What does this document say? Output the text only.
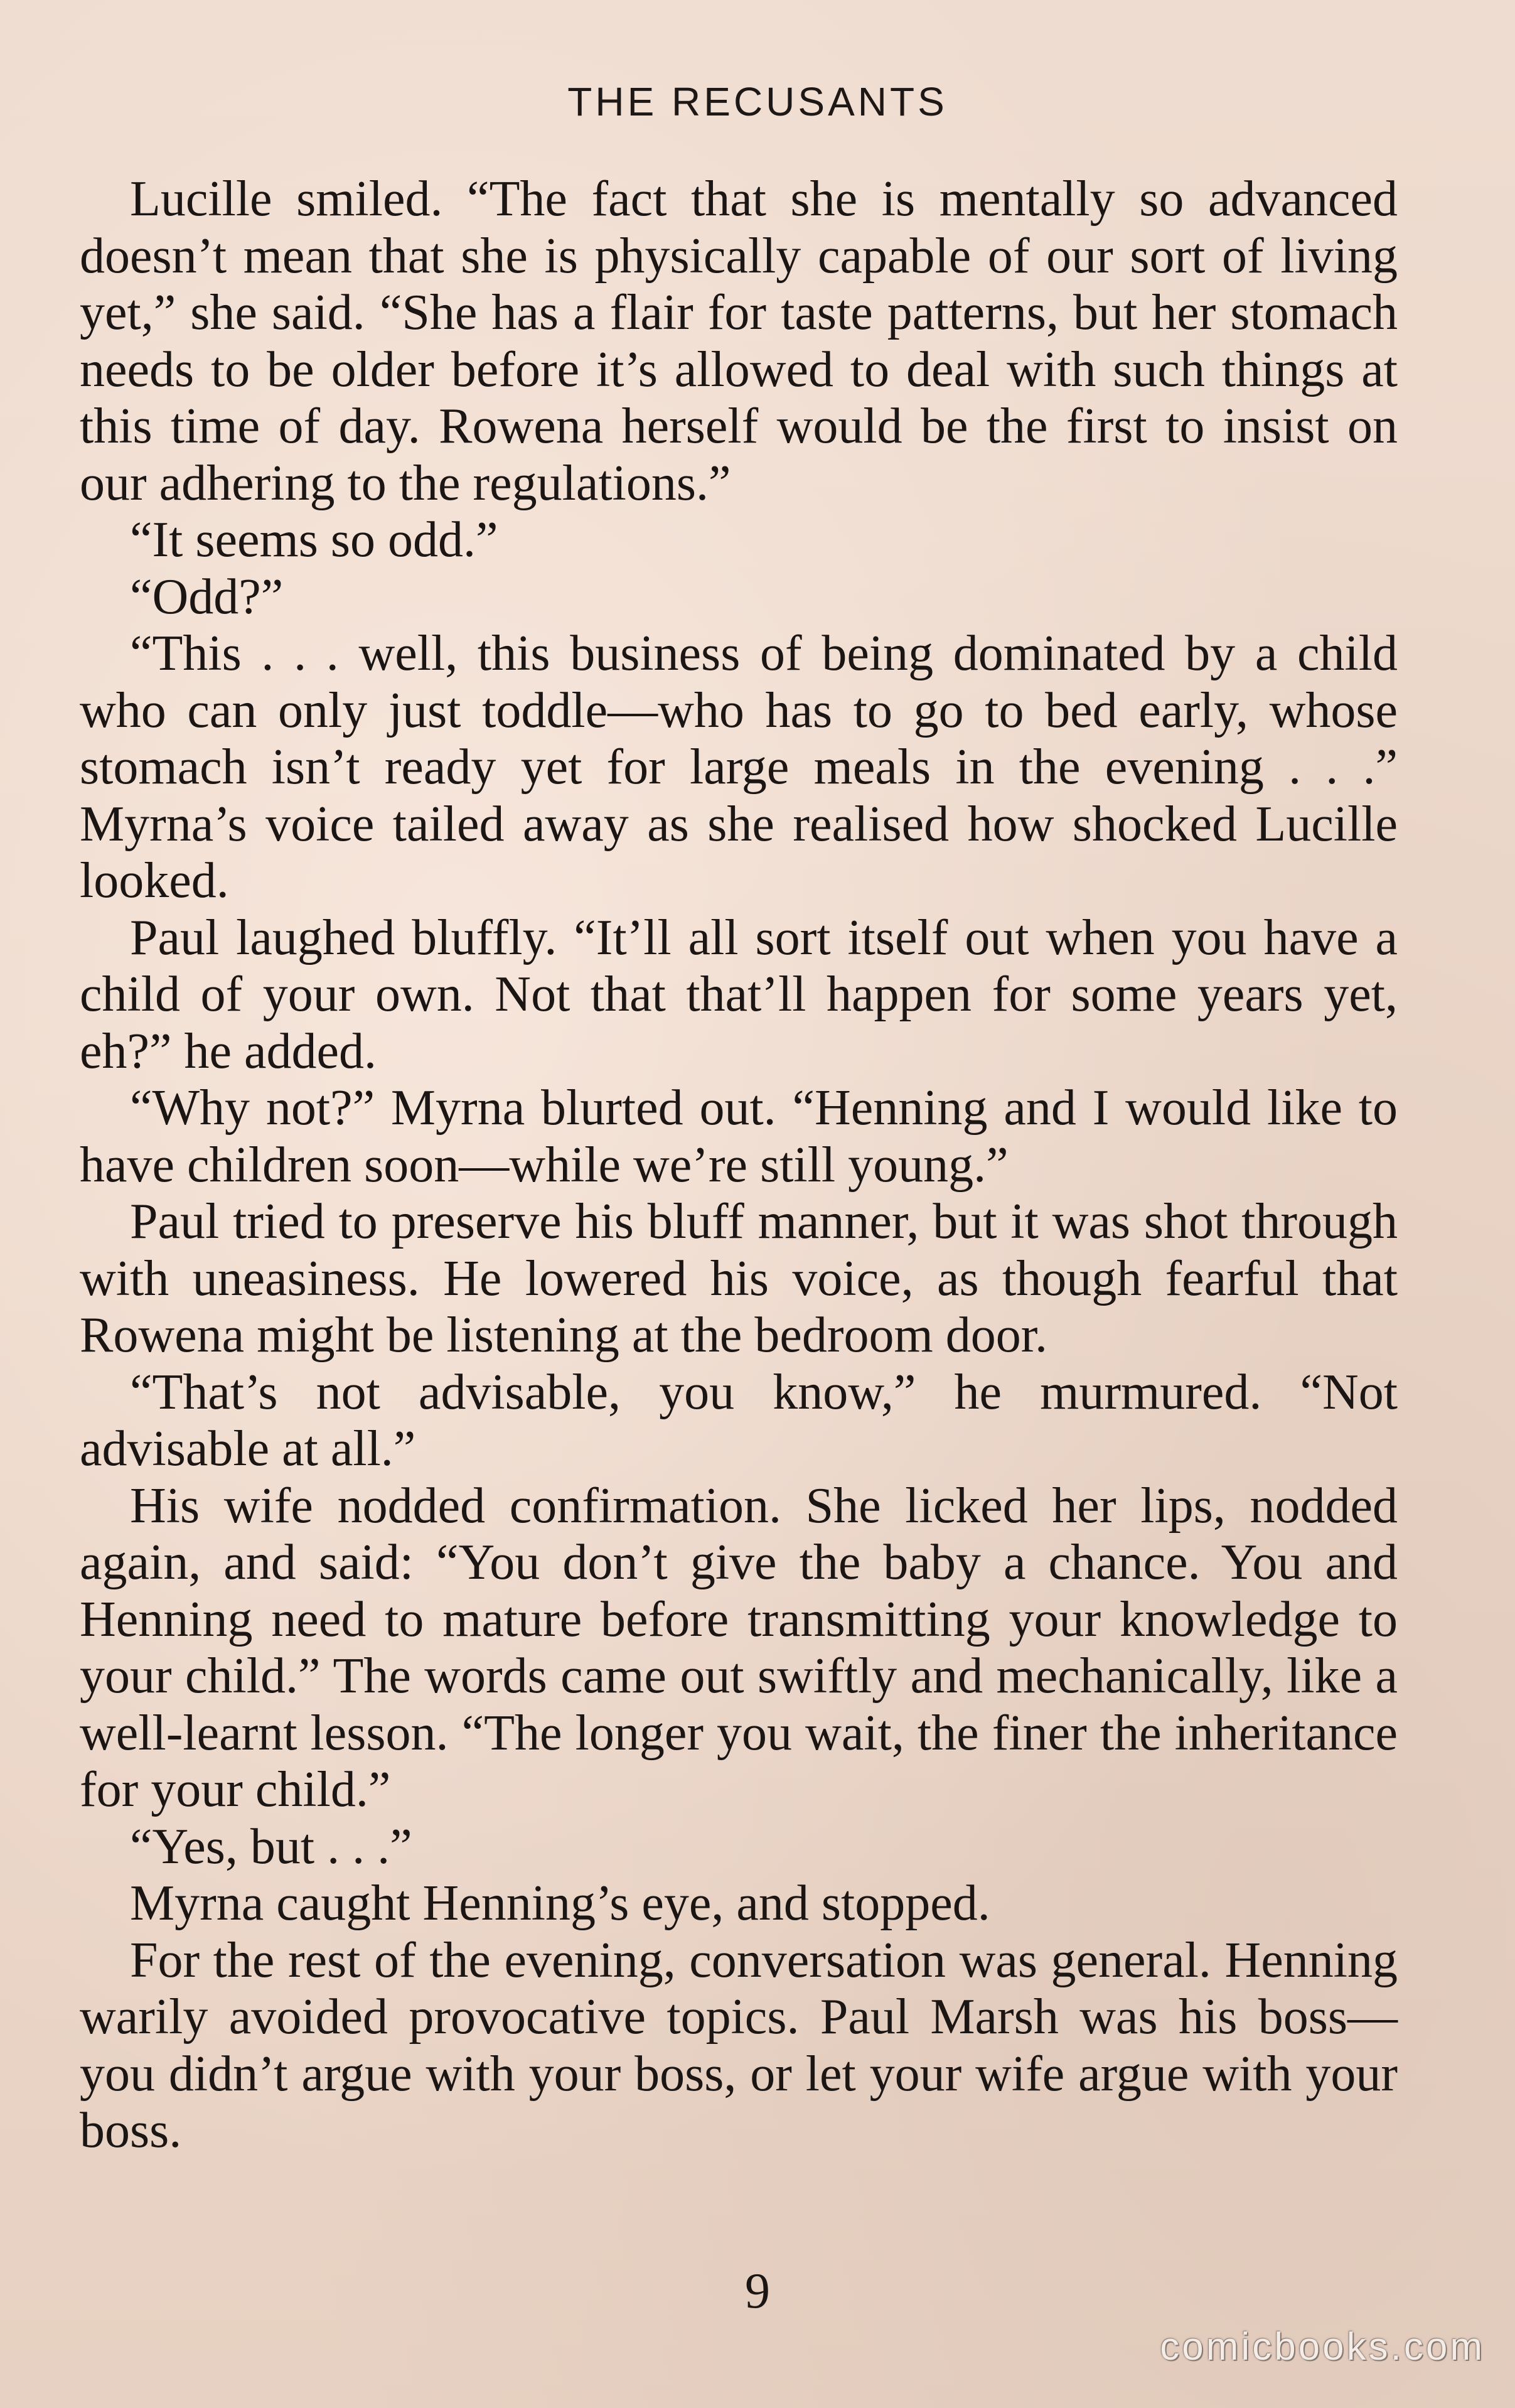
THE RECUSANTS

Lucille smiled. “The fact that she is mentally so advanced doesn’t mean that she is physically capable of our sort of living yet,” she said. “She has a flair for taste patterns, but her stomach needs to be older before it’s allowed to deal with such things at this time of day. Rowena herself would be the first to insist on our adhering to the regulations.”

“It seems so odd.”

“Odd?”

“This . . . well, this business of being dominated by a child who can only just toddle—who has to go to bed early, whose stomach isn’t ready yet for large meals in the evening . . .” Myrna’s voice tailed away as she realised how shocked Lucille looked.

Paul laughed bluffly. “It’ll all sort itself out when you have a child of your own. Not that that’ll happen for some years yet, eh?” he added.

“Why not?” Myrna blurted out. “Henning and I would like to have children soon—while we’re still young.”

Paul tried to preserve his bluff manner, but it was shot through with uneasiness. He lowered his voice, as though fearful that Rowena might be listening at the bedroom door.

“That’s not advisable, you know,” he murmured. “Not advisable at all.”

His wife nodded confirmation. She licked her lips, nodded again, and said: “You don’t give the baby a chance. You and Henning need to mature before transmitting your knowledge to your child.” The words came out swiftly and mechanically, like a well-learnt lesson. “The longer you wait, the finer the inheritance for your child.”

“Yes, but . . .”

Myrna caught Henning’s eye, and stopped.

For the rest of the evening, conversation was general. Henning warily avoided provocative topics. Paul Marsh was his boss—you didn’t argue with your boss, or let your wife argue with your boss.

9
comicbooks.com
